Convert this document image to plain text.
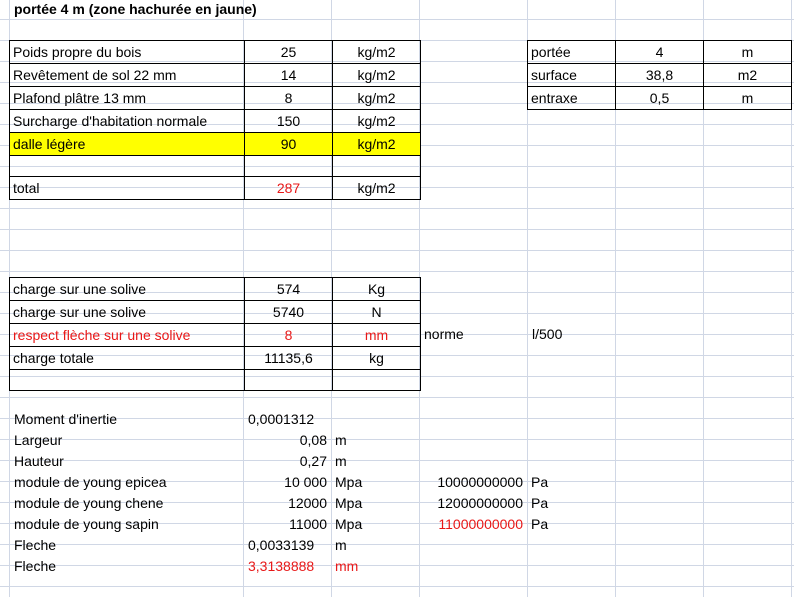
portée 4 m (zone hachurée en jaune)
Poids propre du bois	25	kg/m2
Revêtement de sol 22 mm	14	kg/m2
Plafond plâtre 13 mm	8	kg/m2
Surcharge d'habitation normale	150	kg/m2
dalle légère	90	kg/m2

total	287	kg/m2
portée	4	m
surface	38,8	m2
entraxe	0,5	m
charge sur une solive	574	Kg
charge sur une solive	5740	N
respect flèche sur une solive	8	mm
charge totale	11135,6	kg

norme	l/500
Moment d'inertie	0,0001312
Largeur	0,08 m
Hauteur	0,27 m
module de young epicea	10 000 Mpa	10000000000 Pa
module de young chene	12000 Mpa	12000000000 Pa
module de young sapin	11000 Mpa	11000000000 Pa
Fleche	0,0033139	m
Fleche	3,3138888	mm
